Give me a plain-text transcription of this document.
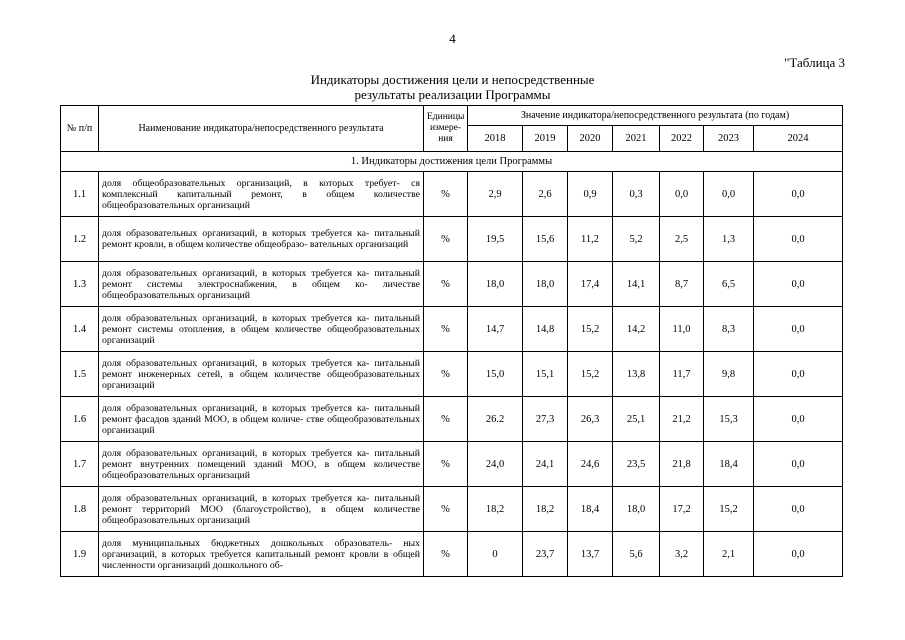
4
"Таблица 3
Индикаторы достижения цели и непосредственные
результаты реализации Программы
№ п/п	Наименование индикатора/непосредственного результата	Единицы измере- ния	Значение индикатора/непосредственного результата (по годам)						
			2018	2019	2020	2021	2022	2023	2024
1. Индикаторы достижения цели Программы									
1.1	доля общеобразовательных организаций, в которых требует- ся комплексный капитальный ремонт, в общем количестве общеобразовательных организаций	%	2,9	2,6	0,9	0,3	0,0	0,0	0,0
1.2	доля образовательных организаций, в которых требуется ка- питальный ремонт кровли, в общем количестве общеобразо- вательных организаций	%	19,5	15,6	11,2	5,2	2,5	1,3	0,0
1.3	доля образовательных организаций, в которых требуется ка- питальный ремонт системы электроснабжения, в общем ко- личестве общеобразовательных организаций	%	18,0	18,0	17,4	14,1	8,7	6,5	0,0
1.4	доля образовательных организаций, в которых требуется ка- питальный ремонт системы отопления, в общем количестве общеобразовательных организаций	%	14,7	14,8	15,2	14,2	11,0	8,3	0,0
1.5	доля образовательных организаций, в которых требуется ка- питальный ремонт инженерных сетей, в общем количестве общеобразовательных организаций	%	15,0	15,1	15,2	13,8	11,7	9,8	0,0
1.6	доля образовательных организаций, в которых требуется ка- питальный ремонт фасадов зданий МОО, в общем количе- стве общеобразовательных организаций	%	26.2	27,3	26,3	25,1	21,2	15,3	0,0
1.7	доля образовательных организаций, в которых требуется ка- питальный ремонт внутренних помещений зданий МОО, в общем количестве общеобразовательных организаций	%	24,0	24,1	24,6	23,5	21,8	18,4	0,0
1.8	доля образовательных организаций, в которых требуется ка- питальный ремонт территорий МОО (благоустройство), в общем количестве общеобразовательных организаций	%	18,2	18,2	18,4	18,0	17,2	15,2	0,0
1.9	доля муниципальных бюджетных дошкольных образователь- ных организаций, в которых требуется капитальный ремонт кровли в общей численности организаций дошкольного об-	%	0	23,7	13,7	5,6	3,2	2,1	0,0
